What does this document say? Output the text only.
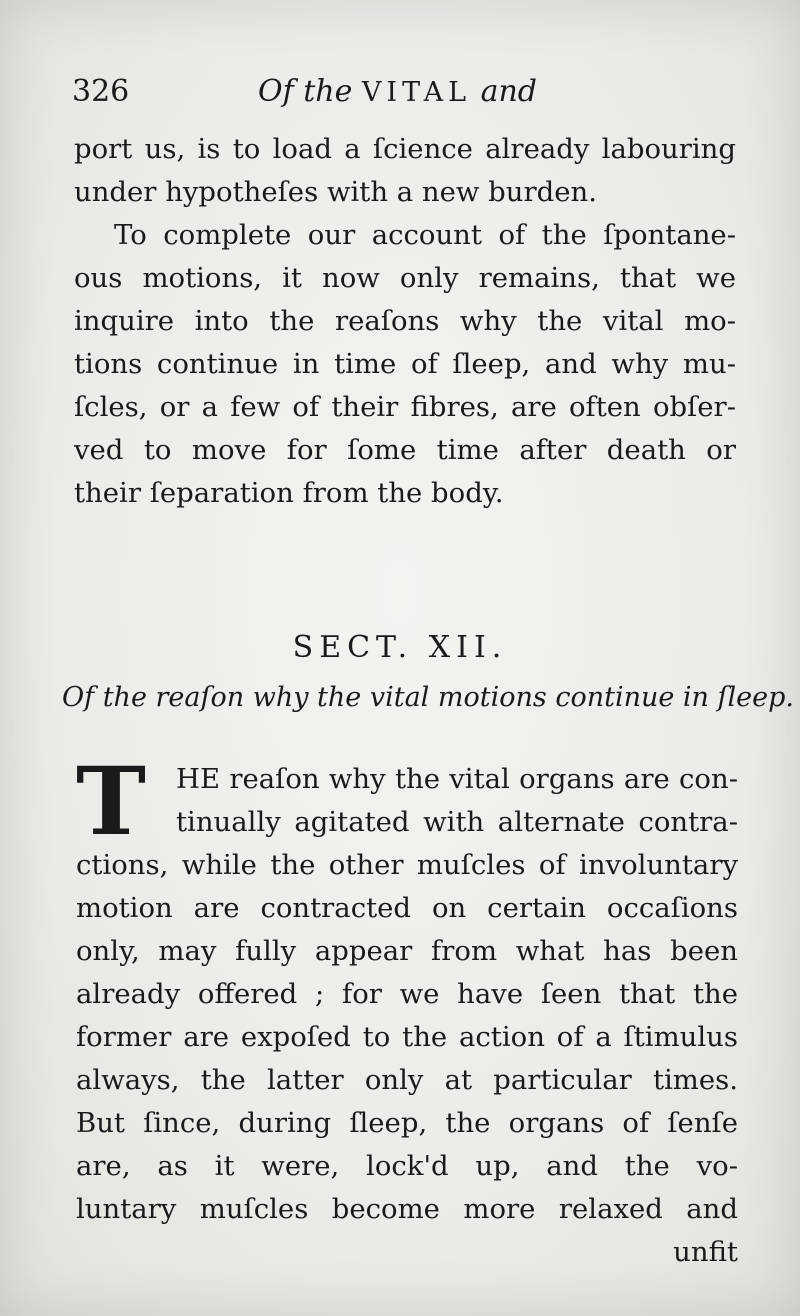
326	Of the VITAL and
port us, is to load a ſcience already labouring
under hypotheſes with a new burden.
To complete our account of the ſpontane-
ous motions, it now only remains, that we
inquire into the reaſons why the vital mo-
tions continue in time of ſleep, and why mu-
ſcles, or a few of their fibres, are often obſer-
ved to move for ſome time after death or
their ſeparation from the body.
SECT. XII.
Of the reaſon why the vital motions continue in ſleep.
T	HE reaſon why the vital organs are con-
tinually agitated with alternate contra-
ctions, while the other muſcles of involuntary
motion are contracted on certain occaſions
only, may fully appear from what has been
already offered ; for we have ſeen that the
former are expoſed to the action of a ſtimulus
always, the latter only at particular times.
But ſince, during ſleep, the organs of ſenſe
are, as it were, lock'd up, and the vo-
luntary muſcles become more relaxed and
unfit
